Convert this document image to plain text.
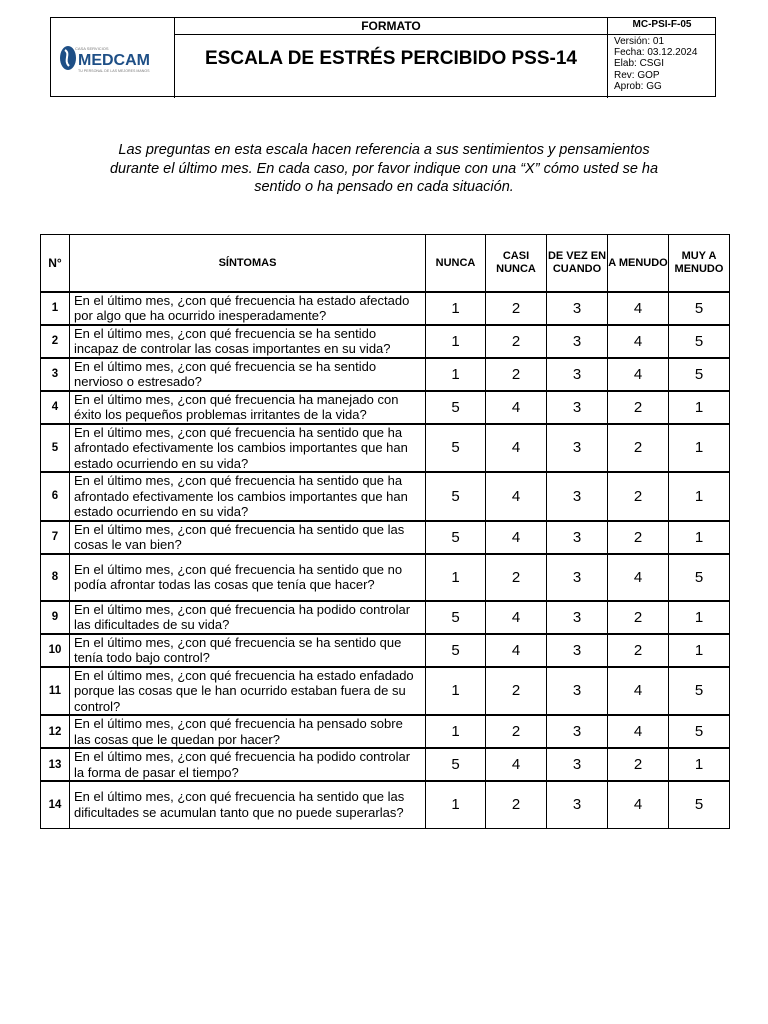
CASA SERVICIOS
MEDCAM
TU PERSONAL DE LAS MEJORES MANOS
FORMATO
ESCALA DE ESTRÉS PERCIBIDO PSS-14
MC-PSI-F-05
Versión: 01
Fecha: 03.12.2024
Elab: CSGI
Rev: GOP
Aprob: GG
Las preguntas en esta escala hacen referencia a sus sentimientos y pensamientos durante el último mes. En cada caso, por favor indique con una “X” cómo usted se ha sentido o ha pensado en cada situación.
N°	SÍNTOMAS	NUNCA	CASI NUNCA	DE VEZ EN CUANDO	A MENUDO	MUY A MENUDO
1	En el último mes, ¿con qué frecuencia ha estado afectado por algo que ha ocurrido inesperadamente?	1	2	3	4	5
2	En el último mes, ¿con qué frecuencia se ha sentido incapaz de controlar las cosas importantes en su vida?	1	2	3	4	5
3	En el último mes, ¿con qué frecuencia se ha sentido nervioso o estresado?	1	2	3	4	5
4	En el último mes, ¿con qué frecuencia ha manejado con éxito los pequeños problemas irritantes de la vida?	5	4	3	2	1
5	En el último mes, ¿con qué frecuencia ha sentido que ha afrontado efectivamente los cambios importantes que han estado ocurriendo en su vida?	5	4	3	2	1
6	En el último mes, ¿con qué frecuencia ha sentido que ha afrontado efectivamente los cambios importantes que han estado ocurriendo en su vida?	5	4	3	2	1
7	En el último mes, ¿con qué frecuencia ha sentido que las cosas le van bien?	5	4	3	2	1
8	En el último mes, ¿con qué frecuencia ha sentido que no podía afrontar todas las cosas que tenía que hacer?	1	2	3	4	5
9	En el último mes, ¿con qué frecuencia ha podido controlar las dificultades de su vida?	5	4	3	2	1
10	En el último mes, ¿con qué frecuencia se ha sentido que tenía todo bajo control?	5	4	3	2	1
11	En el último mes, ¿con qué frecuencia ha estado enfadado porque las cosas que le han ocurrido estaban fuera de su control?	1	2	3	4	5
12	En el último mes, ¿con qué frecuencia ha pensado sobre las cosas que le quedan por hacer?	1	2	3	4	5
13	En el último mes, ¿con qué frecuencia ha podido controlar la forma de pasar el tiempo?	5	4	3	2	1
14	En el último mes, ¿con qué frecuencia ha sentido que las dificultades se acumulan tanto que no puede superarlas?	1	2	3	4	5
